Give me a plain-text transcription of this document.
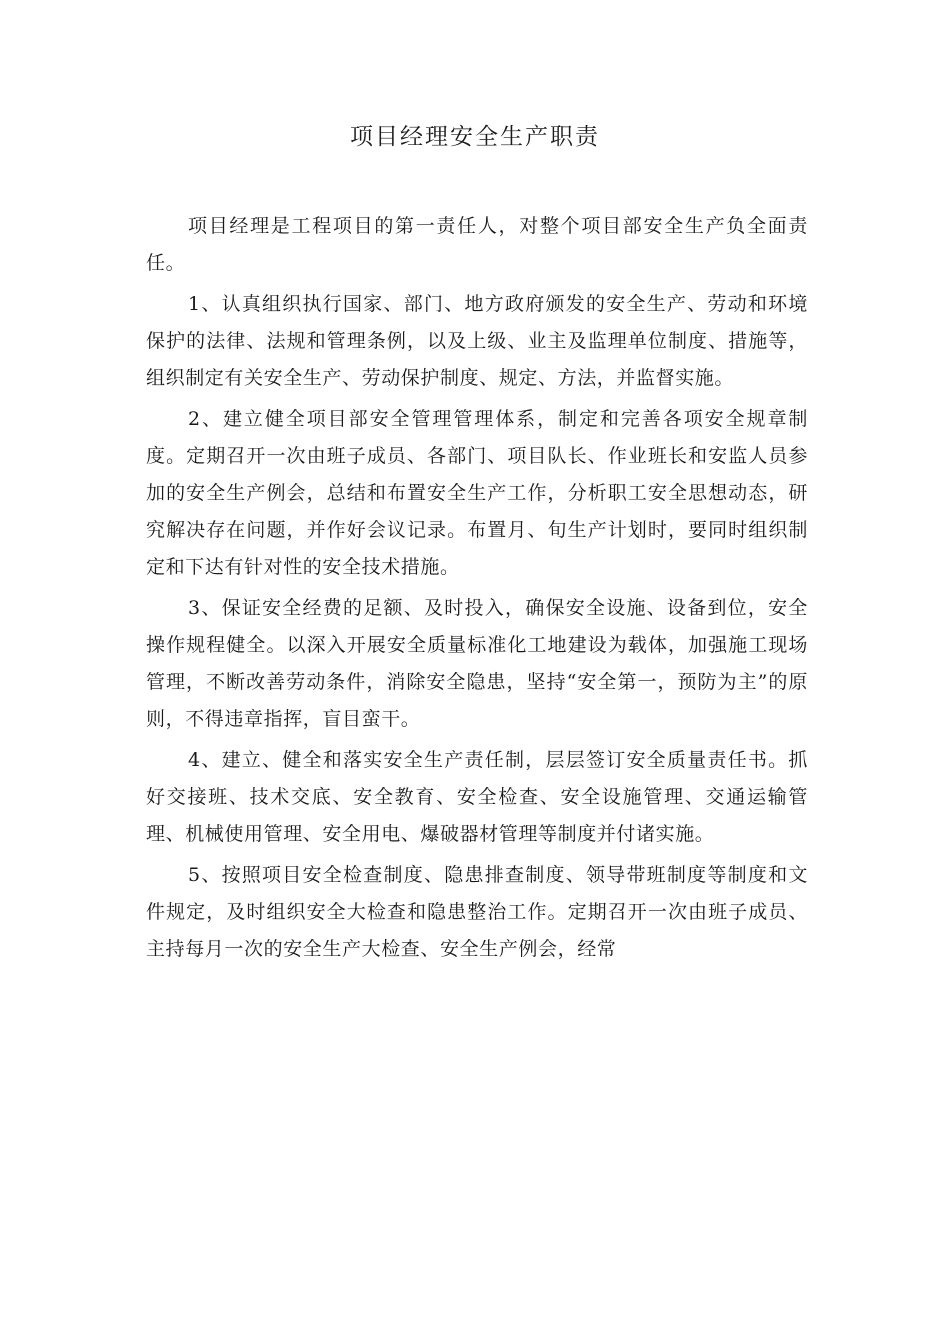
项目经理安全生产职责

项目经理是工程项目的第一责任人，对整个项目部安全生产负全面责任。

1、认真组织执行国家、部门、地方政府颁发的安全生产、劳动和环境保护的法律、法规和管理条例，以及上级、业主及监理单位制度、措施等，组织制定有关安全生产、劳动保护制度、规定、方法，并监督实施。

2、建立健全项目部安全管理管理体系，制定和完善各项安全规章制度。定期召开一次由班子成员、各部门、项目队长、作业班长和安监人员参加的安全生产例会，总结和布置安全生产工作，分析职工安全思想动态，研究解决存在问题，并作好会议记录。布置月、旬生产计划时，要同时组织制定和下达有针对性的安全技术措施。

3、保证安全经费的足额、及时投入，确保安全设施、设备到位，安全操作规程健全。以深入开展安全质量标准化工地建设为载体，加强施工现场管理，不断改善劳动条件，消除安全隐患，坚持“安全第一，预防为主”的原则，不得违章指挥，盲目蛮干。

4、建立、健全和落实安全生产责任制，层层签订安全质量责任书。抓好交接班、技术交底、安全教育、安全检查、安全设施管理、交通运输管理、机械使用管理、安全用电、爆破器材管理等制度并付诸实施。

5、按照项目安全检查制度、隐患排查制度、领导带班制度等制度和文件规定，及时组织安全大检查和隐患整治工作。定期召开一次由班子成员、主持每月一次的安全生产大检查、安全生产例会，经常
